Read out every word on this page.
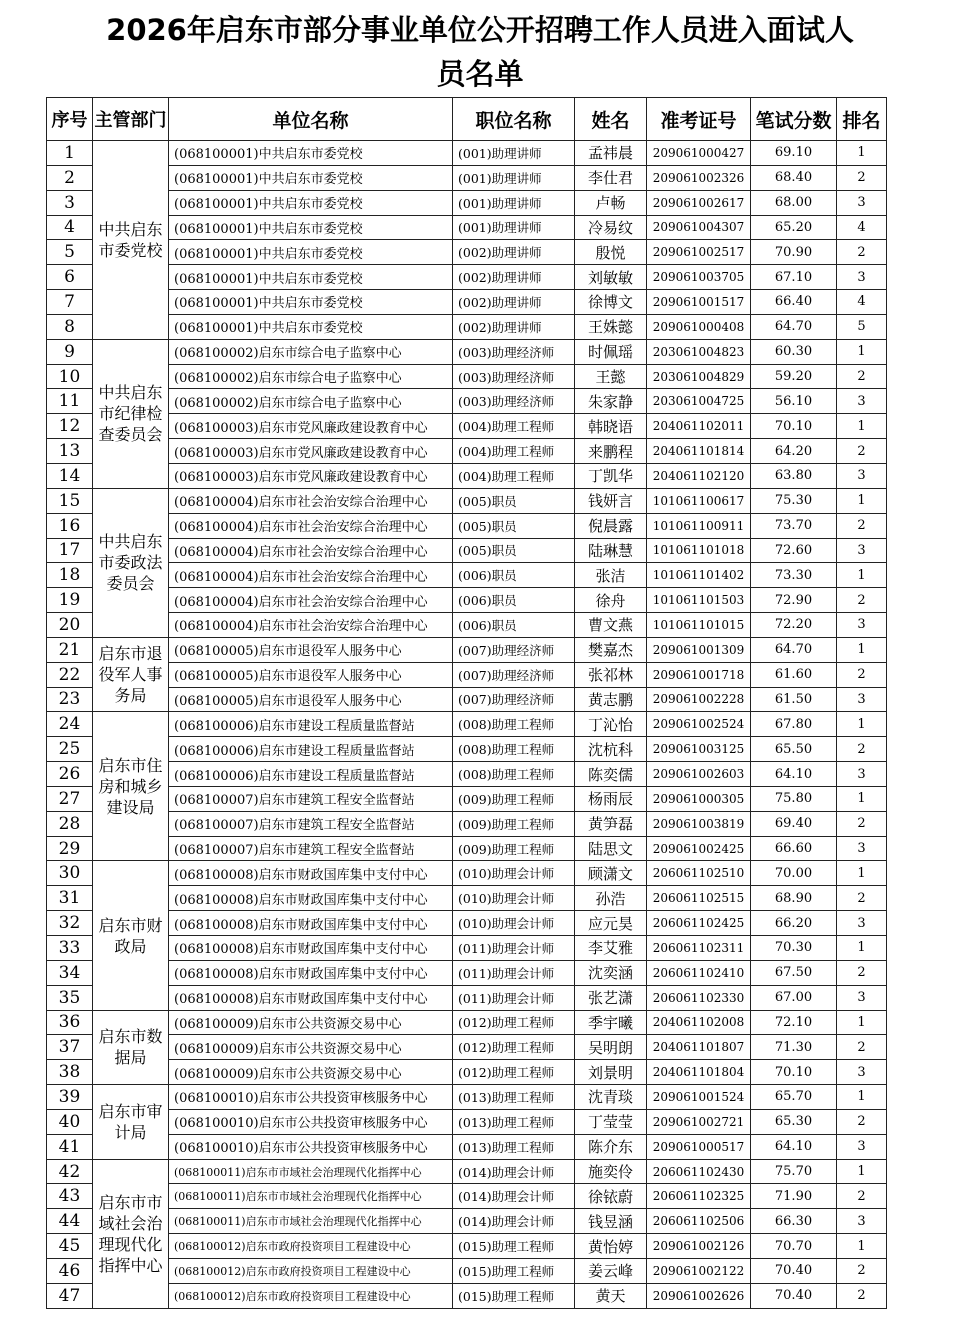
2026年启东市部分事业单位公开招聘工作人员进入面试人
员名单
序号	主管部门	单位名称	职位名称	姓名	准考证号	笔试分数	排名
1	中共启东市委党校	(068100001)中共启东市委党校	(001)助理讲师	孟祎晨	209061000427	69.10	1
2		(068100001)中共启东市委党校	(001)助理讲师	李仕君	209061002326	68.40	2
3		(068100001)中共启东市委党校	(001)助理讲师	卢畅	209061002617	68.00	3
4		(068100001)中共启东市委党校	(001)助理讲师	冷易纹	209061004307	65.20	4
5		(068100001)中共启东市委党校	(002)助理讲师	殷悦	209061002517	70.90	2
6		(068100001)中共启东市委党校	(002)助理讲师	刘敏敏	209061003705	67.10	3
7		(068100001)中共启东市委党校	(002)助理讲师	徐博文	209061001517	66.40	4
8		(068100001)中共启东市委党校	(002)助理讲师	王姝懿	209061000408	64.70	5
9	中共启东市纪律检查委员会	(068100002)启东市综合电子监察中心	(003)助理经济师	时佩瑶	203061004823	60.30	1
10		(068100002)启东市综合电子监察中心	(003)助理经济师	王懿	203061004829	59.20	2
11		(068100002)启东市综合电子监察中心	(003)助理经济师	朱家静	203061004725	56.10	3
12		(068100003)启东市党风廉政建设教育中心	(004)助理工程师	韩晓语	204061102011	70.10	1
13		(068100003)启东市党风廉政建设教育中心	(004)助理工程师	来鹏程	204061101814	64.20	2
14		(068100003)启东市党风廉政建设教育中心	(004)助理工程师	丁凯华	204061102120	63.80	3
15	中共启东市委政法委员会	(068100004)启东市社会治安综合治理中心	(005)职员	钱妍言	101061100617	75.30	1
16		(068100004)启东市社会治安综合治理中心	(005)职员	倪晨露	101061100911	73.70	2
17		(068100004)启东市社会治安综合治理中心	(005)职员	陆琳慧	101061101018	72.60	3
18		(068100004)启东市社会治安综合治理中心	(006)职员	张洁	101061101402	73.30	1
19		(068100004)启东市社会治安综合治理中心	(006)职员	徐舟	101061101503	72.90	2
20		(068100004)启东市社会治安综合治理中心	(006)职员	曹文燕	101061101015	72.20	3
21	启东市退役军人事务局	(068100005)启东市退役军人服务中心	(007)助理经济师	樊嘉杰	209061001309	64.70	1
22		(068100005)启东市退役军人服务中心	(007)助理经济师	张祁林	209061001718	61.60	2
23		(068100005)启东市退役军人服务中心	(007)助理经济师	黄志鹏	209061002228	61.50	3
24	启东市住房和城乡建设局	(068100006)启东市建设工程质量监督站	(008)助理工程师	丁沁怡	209061002524	67.80	1
25		(068100006)启东市建设工程质量监督站	(008)助理工程师	沈杭科	209061003125	65.50	2
26		(068100006)启东市建设工程质量监督站	(008)助理工程师	陈奕儒	209061002603	64.10	3
27		(068100007)启东市建筑工程安全监督站	(009)助理工程师	杨雨辰	209061000305	75.80	1
28		(068100007)启东市建筑工程安全监督站	(009)助理工程师	黄笋磊	209061003819	69.40	2
29		(068100007)启东市建筑工程安全监督站	(009)助理工程师	陆思文	209061002425	66.60	3
30	启东市财政局	(068100008)启东市财政国库集中支付中心	(010)助理会计师	顾潇文	206061102510	70.00	1
31		(068100008)启东市财政国库集中支付中心	(010)助理会计师	孙浩	206061102515	68.90	2
32		(068100008)启东市财政国库集中支付中心	(010)助理会计师	应元昊	206061102425	66.20	3
33		(068100008)启东市财政国库集中支付中心	(011)助理会计师	李艾雅	206061102311	70.30	1
34		(068100008)启东市财政国库集中支付中心	(011)助理会计师	沈奕涵	206061102410	67.50	2
35		(068100008)启东市财政国库集中支付中心	(011)助理会计师	张艺潇	206061102330	67.00	3
36	启东市数据局	(068100009)启东市公共资源交易中心	(012)助理工程师	季宇曦	204061102008	72.10	1
37		(068100009)启东市公共资源交易中心	(012)助理工程师	吴明朗	204061101807	71.30	2
38		(068100009)启东市公共资源交易中心	(012)助理工程师	刘景明	204061101804	70.10	3
39	启东市审计局	(068100010)启东市公共投资审核服务中心	(013)助理工程师	沈青琰	209061001524	65.70	1
40		(068100010)启东市公共投资审核服务中心	(013)助理工程师	丁莹莹	209061002721	65.30	2
41		(068100010)启东市公共投资审核服务中心	(013)助理工程师	陈介东	209061000517	64.10	3
42	启东市市域社会治理现代化指挥中心	(068100011)启东市市域社会治理现代化指挥中心	(014)助理会计师	施奕伶	206061102430	75.70	1
43		(068100011)启东市市域社会治理现代化指挥中心	(014)助理会计师	徐铱蔚	206061102325	71.90	2
44		(068100011)启东市市域社会治理现代化指挥中心	(014)助理会计师	钱昱涵	206061102506	66.30	3
45		(068100012)启东市政府投资项目工程建设中心	(015)助理工程师	黄怡婷	209061002126	70.70	1
46		(068100012)启东市政府投资项目工程建设中心	(015)助理工程师	姜云峰	209061002122	70.40	2
47		(068100012)启东市政府投资项目工程建设中心	(015)助理工程师	黄天	209061002626	70.40	2
